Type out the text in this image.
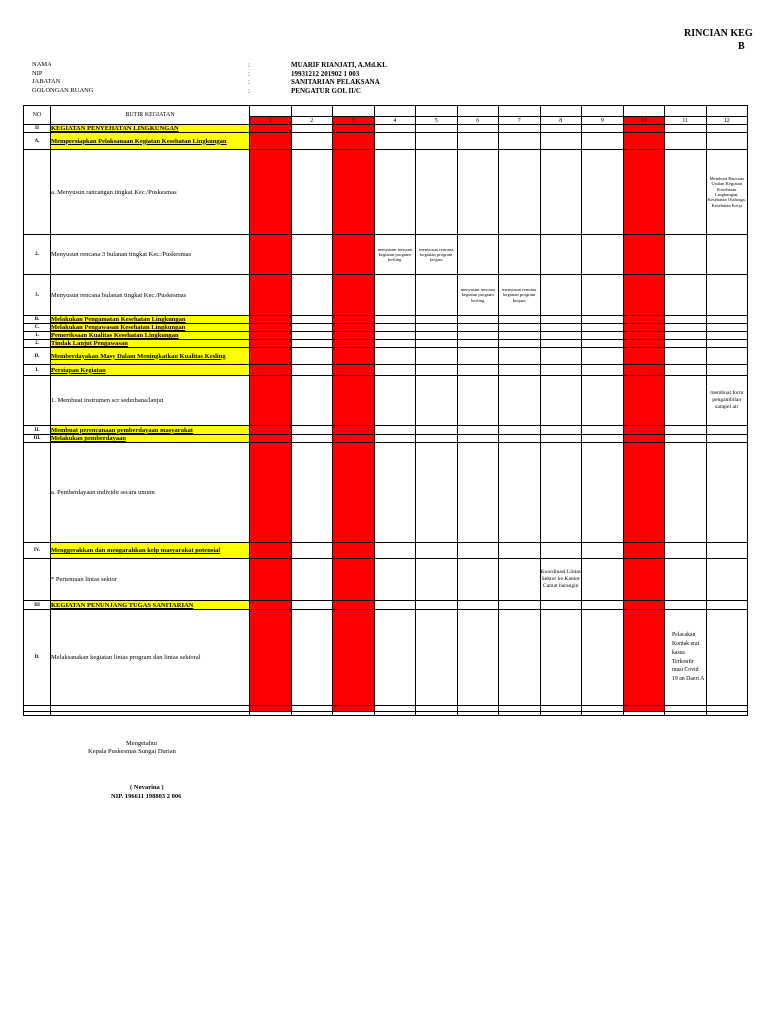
RINCIAN KEG
B
NAMA	:	MUARIF RIANJATI, A.Md.KL
NIP	:	19931212 201902 1 003
JABATAN	:	SANITARIAN PELAKSANA
GOLONGAN RUANG	:	PENGATUR GOL II/C
NO	BUTIR KEGIATAN												
		1	2	3	4	5	6	7	8	9	10	11	12
II	KEGIATAN PENYEHATAN LINGKUNGAN												
A.	Mempersiapkan Pelaksanaan Kegiatan Kesehatan Lingkungan												
	a. Menyusun rancangan tingkat Kec./Puskesmas												Membuat Rencana Usulan Kegiatan Kesehatan Lingkungan, Kesehatan Olahraga, Kesehatan Kerja
2.	Menyusun rencana 3 bulanan tingkat Kec./Puskesmas				menyusun rencana kegiatan program kesling	menyusun rencana kegiatan program kesjaor							
3.	Menyusun rencana bulanan tingkat Kec./Puskesmas						menyusun rencana kegiatan program kesling	menyusun rencana kegiatan program kesjaor					
B.	Melakukan Pengamatan Kesehatan Lingkungan												
C.	Melakukan Pengawasan Kesehatan Lingkungan												
1.	Pemeriksaan Kualitas Kesehatan Lingkungan												
2.	Tindak Lanjut Pengawasan												
D.	Memberdayakan Masy Dalam Meningkatkan Kualitas Kesling												
I.	Persiapan Kegiatan												
	1. Membuat instrumen scr sederhana/lanjut												membuat form pengambilan sampel air
II.	Membuat perencanaan pemberdayaan masyarakat												
III.	Melakukan pemberdayaan												
	a. Pemberdayaan individu secara umum												
IV.	Menggerakkan dan mengarahkan kelp masyarakat potensial												
	* Pertemuan lintas sektor								Koordinasi Lintas Sektor ke Kantor Camat barangin				
III	KEGIATAN PENUNJANG TUGAS SANITARIAN												
D.	Melaksanakan kegiatan lintas program dan lintas sektoral											Pelacakan Kontak erat kasus Terkonfir masi Covid 19 an Daeri A	

Mengetahui
Kepala Puskesmas Sungai Durian
( Novarina )
NIP. 196611 198803 2 006
